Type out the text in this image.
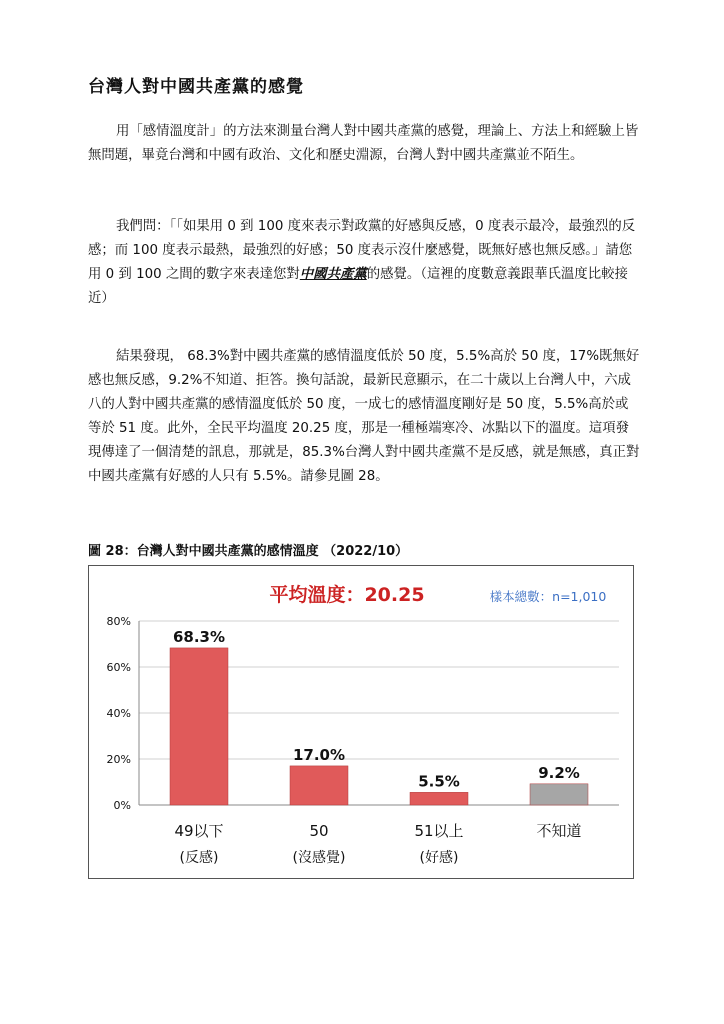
台灣人對中國共產黨的感覺

用「感情溫度計」的方法來測量台灣人對中國共產黨的感覺，理論上、方法上和經驗上皆無問題，畢竟台灣和中國有政治、文化和歷史淵源，台灣人對中國共產黨並不陌生。

我們問：「「如果用 0 到 100 度來表示對政黨的好感與反感，0 度表示最冷，最強烈的反感；而 100 度表示最熱，最強烈的好感；50 度表示沒什麼感覺，既無好感也無反感。」請您用 0 到 100 之間的數字來表達您對中國共產黨的感覺。（這裡的度數意義跟華氏溫度比較接近）

結果發現， 68.3%對中國共產黨的感情溫度低於 50 度，5.5%高於 50 度，17%既無好感也無反感，9.2%不知道、拒答。換句話說，最新民意顯示，在二十歲以上台灣人中，六成八的人對中國共產黨的感情溫度低於 50 度，一成七的感情溫度剛好是 50 度，5.5%高於或等於 51 度。此外，全民平均溫度 20.25 度，那是一種極端寒冷、冰點以下的溫度。這項發現傳達了一個清楚的訊息，那就是，85.3%台灣人對中國共產黨不是反感，就是無感，真正對中國共產黨有好感的人只有 5.5%。請參見圖 28。

圖 28：台灣人對中國共產黨的感情溫度 （2022/10）
平均溫度：20.25	樣本總數：n=1,010
0%
20%
40%
60%
80%
68.3%
49以下
(反感)
17.0%
50
(沒感覺)
5.5%
51以上
(好感)
9.2%
不知道
